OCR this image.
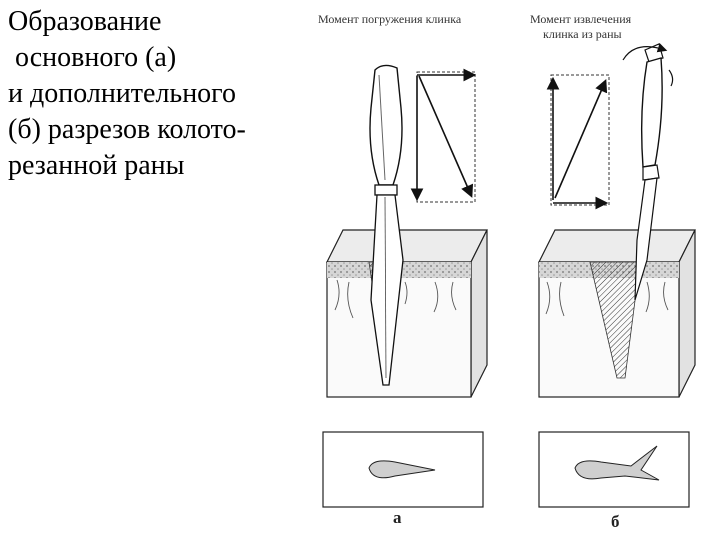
Образование
основного (а)
и дополнительного
(б) разрезов колото-
резанной раны
Момент погружения клинка	Момент извлечения
клинка из раны
а	б
